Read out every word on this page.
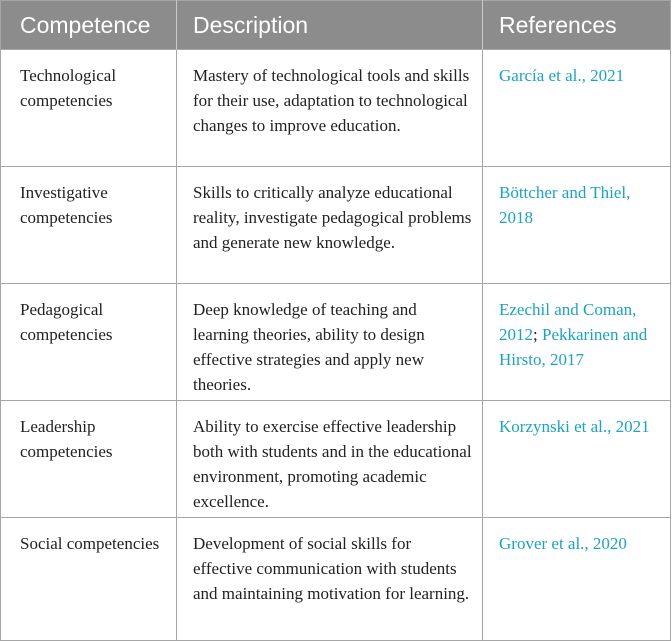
Competence	Description	References
Technological competencies	Mastery of technological tools and skills for their use, adaptation to technological changes to improve education.	García et al., 2021
Investigative competencies	Skills to critically analyze educational reality, investigate pedagogical problems and generate new knowledge.	Böttcher and Thiel, 2018
Pedagogical competencies	Deep knowledge of teaching and learning theories, ability to design effective strategies and apply new theories.	Ezechil and Coman, 2012; Pekkarinen and Hirsto, 2017
Leadership competencies	Ability to exercise effective leadership both with students and in the educational environment, promoting academic excellence.	Korzynski et al., 2021
Social competencies	Development of social skills for effective communication with students and maintaining motivation for learning.	Grover et al., 2020
